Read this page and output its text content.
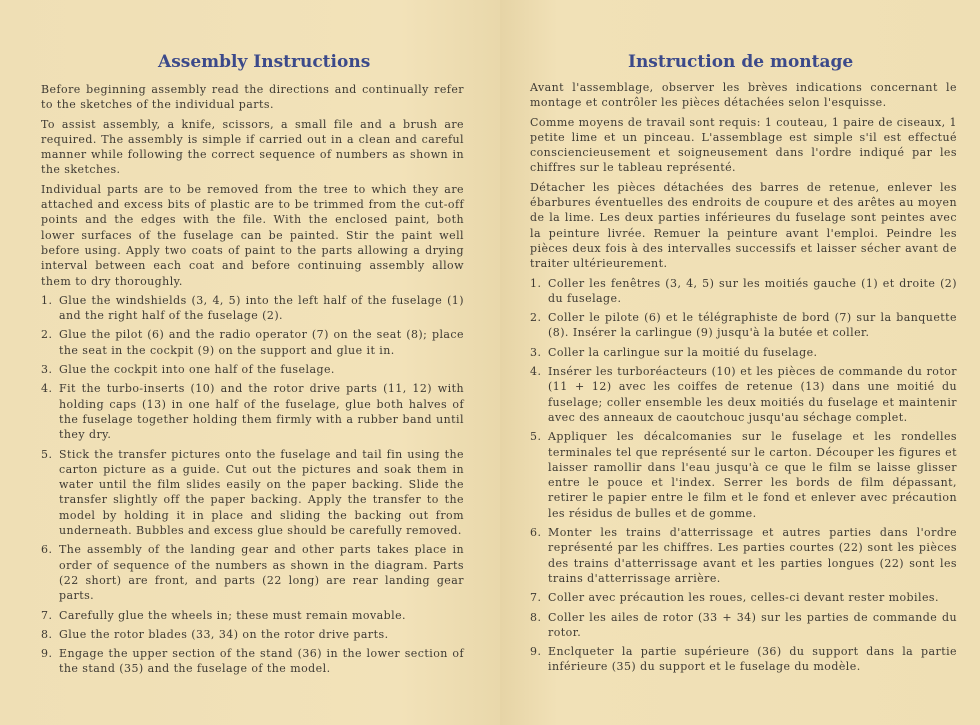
Assembly Instructions

Before beginning assembly read the directions and continually refer to the sketches of the individual parts.

To assist assembly, a knife, scissors, a small file and a brush are required. The assembly is simple if carried out in a clean and careful manner while following the correct sequence of numbers as shown in the sketches.

Individual parts are to be removed from the tree to which they are attached and excess bits of plastic are to be trimmed from the cut-off points and the edges with the file. With the enclosed paint, both lower surfaces of the fuselage can be painted. Stir the paint well before using. Apply two coats of paint to the parts allowing a drying interval between each coat and before continuing assembly allow them to dry thoroughly.

1. Glue the windshields (3, 4, 5) into the left half of the fuselage (1) and the right half of the fuselage (2).
2. Glue the pilot (6) and the radio operator (7) on the seat (8); place the seat in the cockpit (9) on the support and glue it in.
3. Glue the cockpit into one half of the fuselage.
4. Fit the turbo-inserts (10) and the rotor drive parts (11, 12) with holding caps (13) in one half of the fuselage, glue both halves of the fuselage together holding them firmly with a rubber band until they dry.
5. Stick the transfer pictures onto the fuselage and tail fin using the carton picture as a guide. Cut out the pictures and soak them in water until the film slides easily on the paper backing. Slide the transfer slightly off the paper backing. Apply the transfer to the model by holding it in place and sliding the backing out from underneath. Bubbles and excess glue should be carefully removed.
6. The assembly of the landing gear and other parts takes place in order of sequence of the numbers as shown in the diagram. Parts (22 short) are front, and parts (22 long) are rear landing gear parts.
7. Carefully glue the wheels in; these must remain movable.
8. Glue the rotor blades (33, 34) on the rotor drive parts.
9. Engage the upper section of the stand (36) in the lower section of the stand (35) and the fuselage of the model.
Instruction de montage

Avant l'assemblage, observer les brèves indications concernant le montage et contrôler les pièces détachées selon l'esquisse.

Comme moyens de travail sont requis: 1 couteau, 1 paire de ciseaux, 1 petite lime et un pinceau. L'assemblage est simple s'il est effectué consciencieusement et soigneusement dans l'ordre indiqué par les chiffres sur le tableau représenté.

Détacher les pièces détachées des barres de retenue, enlever les ébarbures éventuelles des endroits de coupure et des arêtes au moyen de la lime. Les deux parties inférieures du fuselage sont peintes avec la peinture livrée. Remuer la peinture avant l'emploi. Peindre les pièces deux fois à des intervalles successifs et laisser sécher avant de traiter ultérieurement.

1. Coller les fenêtres (3, 4, 5) sur les moitiés gauche (1) et droite (2) du fuselage.
2. Coller le pilote (6) et le télégraphiste de bord (7) sur la banquette (8). Insérer la carlingue (9) jusqu'à la butée et coller.
3. Coller la carlingue sur la moitié du fuselage.
4. Insérer les turboréacteurs (10) et les pièces de commande du rotor (11 + 12) avec les coiffes de retenue (13) dans une moitié du fuselage; coller ensemble les deux moitiés du fuselage et maintenir avec des anneaux de caoutchouc jusqu'au séchage complet.
5. Appliquer les décalcomanies sur le fuselage et les rondelles terminales tel que représenté sur le carton. Découper les figures et laisser ramollir dans l'eau jusqu'à ce que le film se laisse glisser entre le pouce et l'index. Serrer les bords de film dépassant, retirer le papier entre le film et le fond et enlever avec précaution les résidus de bulles et de gomme.
6. Monter les trains d'atterrissage et autres parties dans l'ordre représenté par les chiffres. Les parties courtes (22) sont les pièces des trains d'atterrissage avant et les parties longues (22) sont les trains d'atterrissage arrière.
7. Coller avec précaution les roues, celles-ci devant rester mobiles.
8. Coller les ailes de rotor (33 + 34) sur les parties de commande du rotor.
9. Enclqueter la partie supérieure (36) du support dans la partie inférieure (35) du support et le fuselage du modèle.
